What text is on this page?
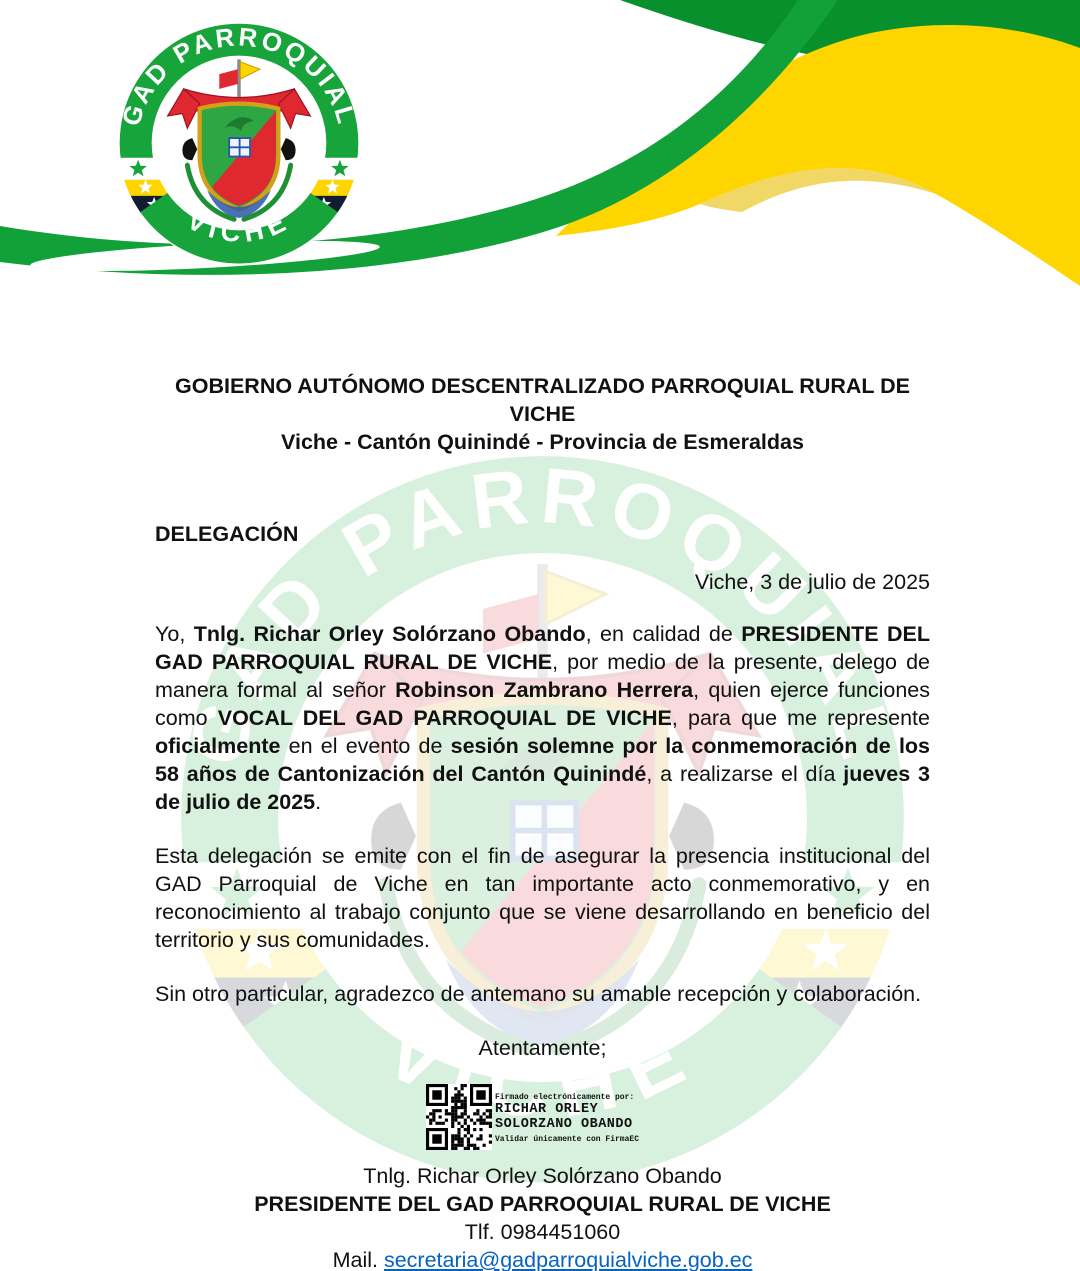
GOBIERNO AUTÓNOMO DESCENTRALIZADO PARROQUIAL RURAL DE VICHE
Viche - Cantón Quinindé - Provincia de Esmeraldas
DELEGACIÓN
Viche, 3 de julio de 2025

Yo, Tnlg. Richar Orley Solórzano Obando, en calidad de PRESIDENTE DEL GAD PARROQUIAL RURAL DE VICHE, por medio de la presente, delego de manera formal al señor Robinson Zambrano Herrera, quien ejerce funciones como VOCAL DEL GAD PARROQUIAL DE VICHE, para que me represente oficialmente en el evento de sesión solemne por la conmemoración de los 58 años de Cantonización del Cantón Quinindé, a realizarse el día jueves 3 de julio de 2025.

Esta delegación se emite con el fin de asegurar la presencia institucional del GAD Parroquial de Viche en tan importante acto conmemorativo, y en reconocimiento al trabajo conjunto que se viene desarrollando en beneficio del territorio y sus comunidades.

Sin otro particular, agradezco de antemano su amable recepción y colaboración.

Atentamente;
Firmado electrónicamente por:
RICHAR ORLEY
SOLORZANO OBANDO
Validar únicamente con FirmaEC
Tnlg. Richar Orley Solórzano Obando
PRESIDENTE DEL GAD PARROQUIAL RURAL DE VICHE
Tlf. 0984451060
Mail. secretaria@gadparroquialviche.gob.ec
